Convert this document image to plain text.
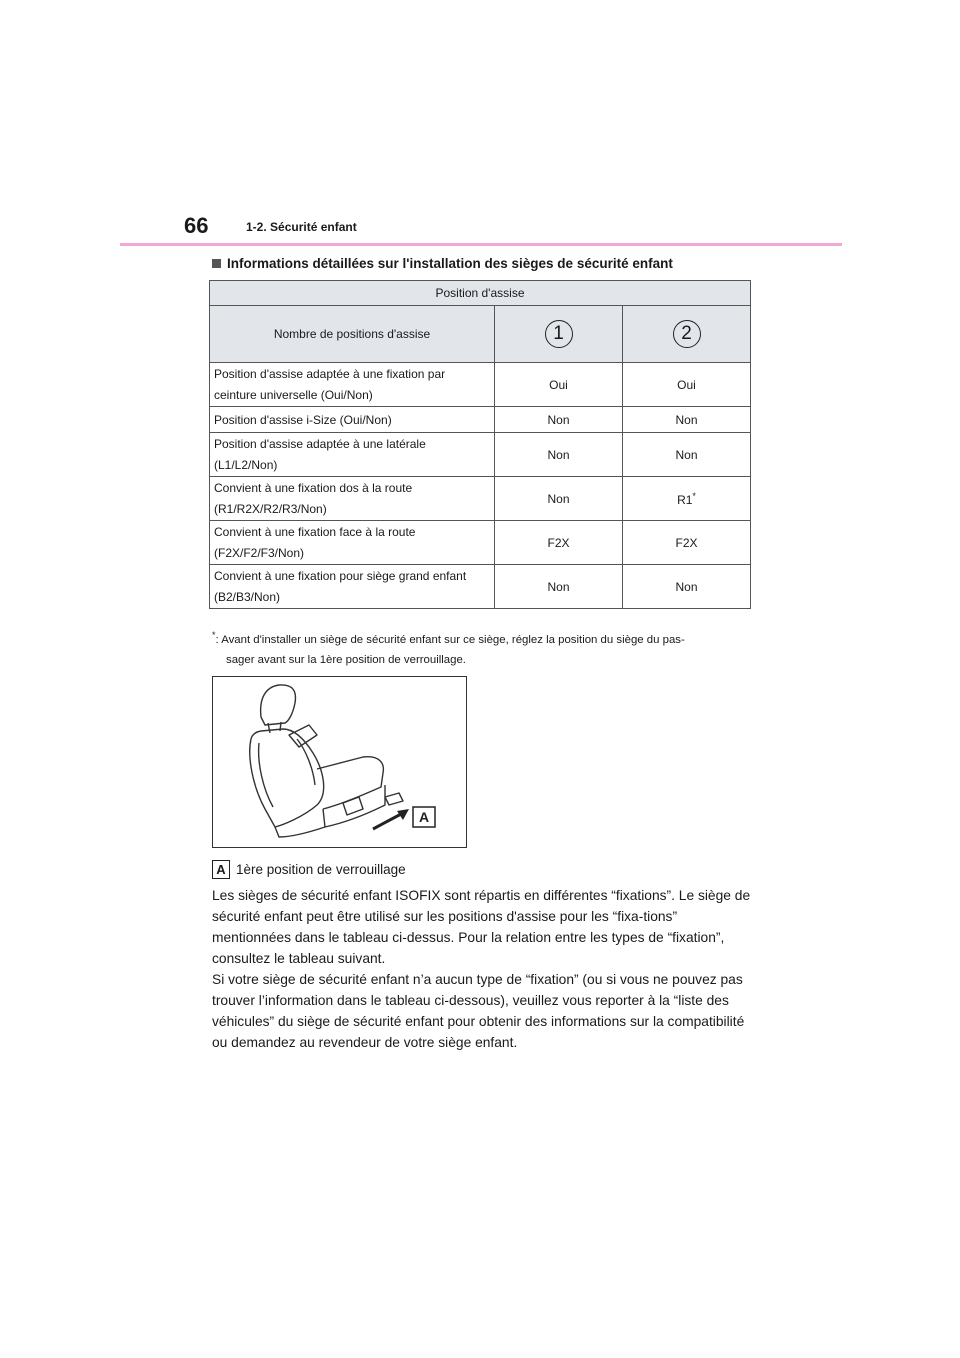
66	1-2. Sécurité enfant
Informations détaillées sur l'installation des sièges de sécurité enfant
Position d'assise		
Nombre de positions d'assise	1	2
Position d'assise adaptée à une fixation par
ceinture universelle (Oui/Non)	Oui	Oui
Position d'assise i-Size (Oui/Non)	Non	Non
Position d'assise adaptée à une latérale
(L1/L2/Non)	Non	Non
Convient à une fixation dos à la route
(R1/R2X/R2/R3/Non)	Non	R1*
Convient à une fixation face à la route
(F2X/F2/F3/Non)	F2X	F2X
Convient à une fixation pour siège grand enfant
(B2/B3/Non)	Non	Non
*: Avant d'installer un siège de sécurité enfant sur ce siège, réglez la position du siège du pas-
sager avant sur la 1ère position de verrouillage.
A
A 1ère position de verrouillage

Les sièges de sécurité enfant ISOFIX sont répartis en différentes “fixations”. Le siège de sécurité enfant peut être utilisé sur les positions d'assise pour les “fixa-tions” mentionnées dans le tableau ci-dessus. Pour la relation entre les types de “fixation”, consultez le tableau suivant.

Si votre siège de sécurité enfant n’a aucun type de “fixation” (ou si vous ne pouvez pas trouver l’information dans le tableau ci-dessous), veuillez vous reporter à la “liste des véhicules” du siège de sécurité enfant pour obtenir des informations sur la compatibilité ou demandez au revendeur de votre siège enfant.
